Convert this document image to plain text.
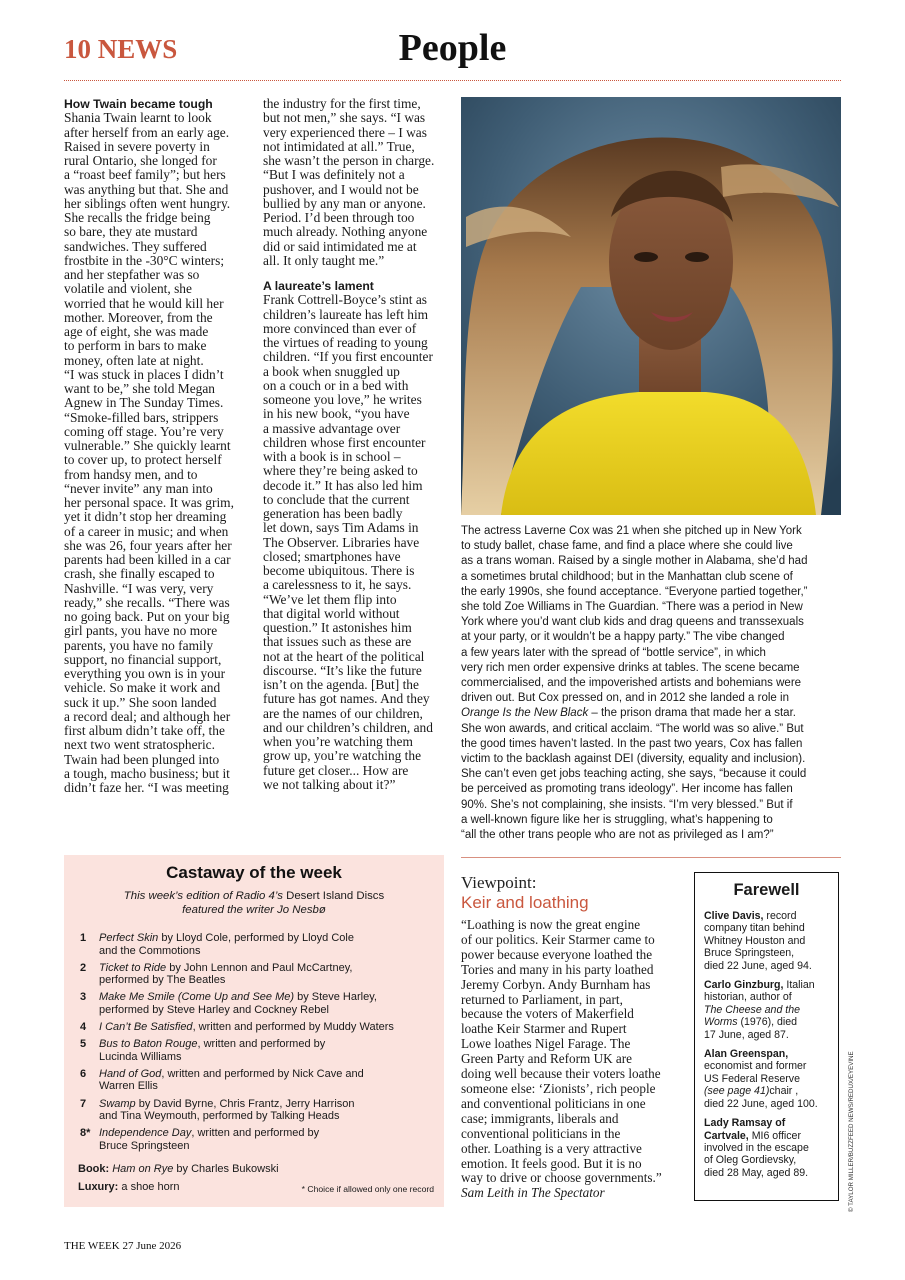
10 NEWS	People
How Twain became tough

Shania Twain learnt to look
after herself from an early age.
Raised in severe poverty in
rural Ontario, she longed for
a “roast beef family”; but hers
was anything but that. She and
her siblings often went hungry.
She recalls the fridge being
so bare, they ate mustard
sandwiches. They suffered
frostbite in the -30°C winters;
and her stepfather was so
volatile and violent, she
worried that he would kill her
mother. Moreover, from the
age of eight, she was made
to perform in bars to make
money, often late at night.
“I was stuck in places I didn’t
want to be,” she told Megan
Agnew in The Sunday Times.
“Smoke-filled bars, strippers
coming off stage. You’re very
vulnerable.” She quickly learnt
to cover up, to protect herself
from handsy men, and to
“never invite” any man into
her personal space. It was grim,
yet it didn’t stop her dreaming
of a career in music; and when
she was 26, four years after her
parents had been killed in a car
crash, she finally escaped to
Nashville. “I was very, very
ready,” she recalls. “There was
no going back. Put on your big
girl pants, you have no more
parents, you have no family
support, no financial support,
everything you own is in your
vehicle. So make it work and
suck it up.” She soon landed
a record deal; and although her
first album didn’t take off, the
next two went stratospheric.
Twain had been plunged into
a tough, macho business; but it
didn’t faze her. “I was meeting

the industry for the first time,
but not men,” she says. “I was
very experienced there – I was
not intimidated at all.” True,
she wasn’t the person in charge.
“But I was definitely not a
pushover, and I would not be
bullied by any man or anyone.
Period. I’d been through too
much already. Nothing anyone
did or said intimidated me at
all. It only taught me.”

A laureate’s lament

Frank Cottrell-Boyce’s stint as
children’s laureate has left him
more convinced than ever of
the virtues of reading to young
children. “If you first encounter
a book when snuggled up
on a couch or in a bed with
someone you love,” he writes
in his new book, “you have
a massive advantage over
children whose first encounter
with a book is in school –
where they’re being asked to
decode it.” It has also led him
to conclude that the current
generation has been badly
let down, says Tim Adams in
The Observer. Libraries have
closed; smartphones have
become ubiquitous. There is
a carelessness to it, he says.
“We’ve let them flip into
that digital world without
question.” It astonishes him
that issues such as these are
not at the heart of the political
discourse. “It’s like the future
isn’t on the agenda. [But] the
future has got names. And they
are the names of our children,
and our children’s children, and
when you’re watching them
grow up, you’re watching the
future get closer... How are
we not talking about it?”

The actress Laverne Cox was 21 when she pitched up in New York
to study ballet, chase fame, and find a place where she could live
as a trans woman. Raised by a single mother in Alabama, she’d had
a sometimes brutal childhood; but in the Manhattan club scene of
the early 1990s, she found acceptance. “Everyone partied together,”
she told Zoe Williams in The Guardian. “There was a period in New
York where you’d want club kids and drag queens and transsexuals
at your party, or it wouldn’t be a happy party.” The vibe changed
a few years later with the spread of “bottle service”, in which
very rich men order expensive drinks at tables. The scene became
commercialised, and the impoverished artists and bohemians were
driven out. But Cox pressed on, and in 2012 she landed a role in
Orange Is the New Black – the prison drama that made her a star.
She won awards, and critical acclaim. “The world was so alive.” But
the good times haven’t lasted. In the past two years, Cox has fallen
victim to the backlash against DEI (diversity, equality and inclusion).
She can’t even get jobs teaching acting, she says, “because it could
be perceived as promoting trans ideology”. Her income has fallen
90%. She’s not complaining, she insists. “I’m very blessed.” But if
a well-known figure like her is struggling, what’s happening to
“all the other trans people who are not as privileged as I am?”
Castaway of the week
This week’s edition of Radio 4’s Desert Island Discs
featured the writer Jo Nesbø
1 Perfect Skin by Lloyd Cole, performed by Lloyd Cole
and the Commotions
2 Ticket to Ride by John Lennon and Paul McCartney,
performed by The Beatles
3 Make Me Smile (Come Up and See Me) by Steve Harley,
performed by Steve Harley and Cockney Rebel
4 I Can’t Be Satisfied, written and performed by Muddy Waters
5 Bus to Baton Rouge, written and performed by
Lucinda Williams
6 Hand of God, written and performed by Nick Cave and
Warren Ellis
7 Swamp by David Byrne, Chris Frantz, Jerry Harrison
and Tina Weymouth, performed by Talking Heads
8* Independence Day, written and performed by
Bruce Springsteen
Book: Ham on Rye by Charles Bukowski
Luxury: a shoe horn	* Choice if allowed only one record
Viewpoint:
Keir and loathing
“Loathing is now the great engine
of our politics. Keir Starmer came to
power because everyone loathed the
Tories and many in his party loathed
Jeremy Corbyn. Andy Burnham has
returned to Parliament, in part,
because the voters of Makerfield
loathe Keir Starmer and Rupert
Lowe loathes Nigel Farage. The
Green Party and Reform UK are
doing well because their voters loathe
someone else: ‘Zionists’, rich people
and conventional politicians in one
case; immigrants, liberals and
conventional politicians in the
other. Loathing is a very attractive
emotion. It feels good. But it is no
way to drive or choose governments.”
Sam Leith in The Spectator
Farewell
Clive Davis, record
company titan behind
Whitney Houston and
Bruce Springsteen,
died 22 June, aged 94.
Carlo Ginzburg, Italian
historian, author of
The Cheese and the
Worms (1976), died
17 June, aged 87.
Alan Greenspan,
economist and former
US Federal Reserve
(see page 41)chair ,
died 22 June, aged 100.
Lady Ramsay of
Cartvale, MI6 officer
involved in the escape
of Oleg Gordievsky,
died 28 May, aged 89.	© TAYLOR MILLER/BUZZFEED NEWS/REDUX/EYEVINE
THE WEEK 27 June 2026
